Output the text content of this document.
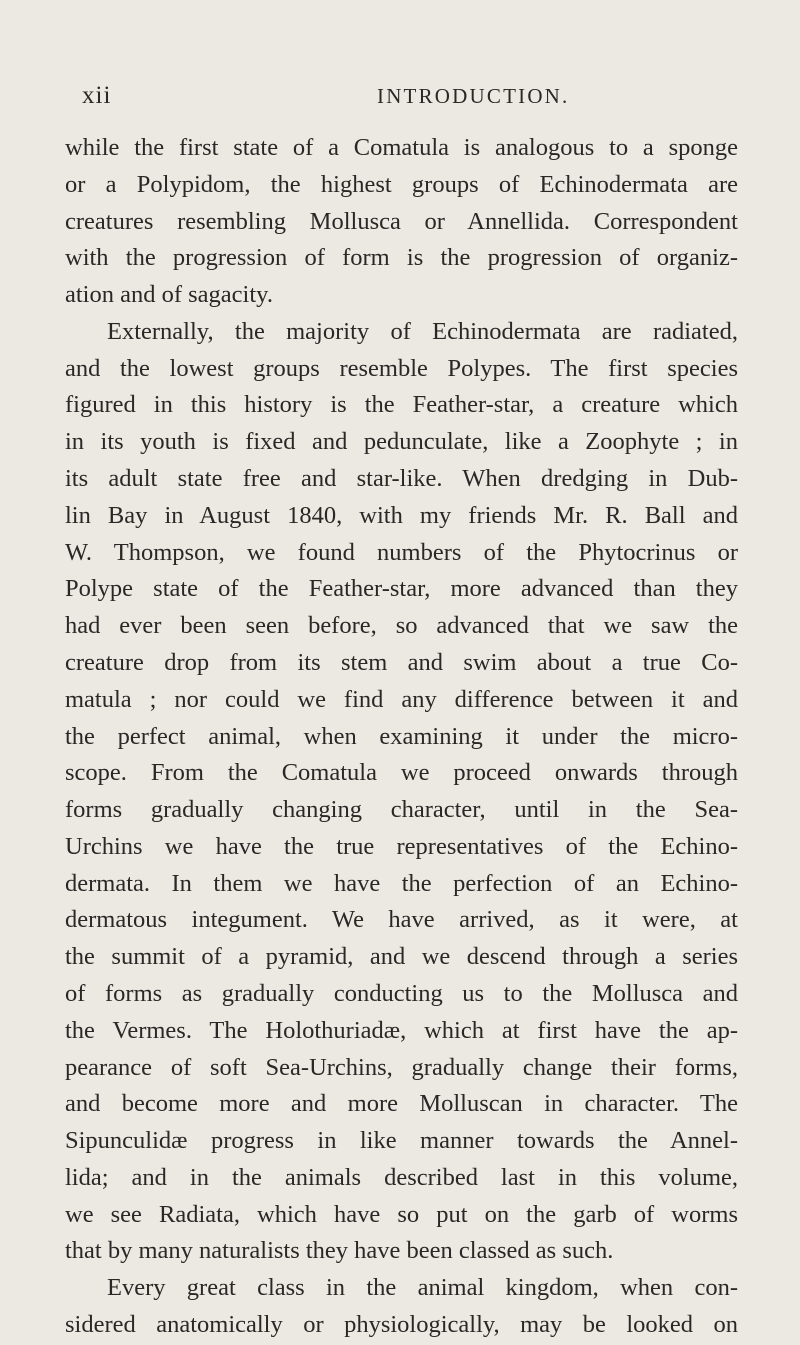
xii	INTRODUCTION.
while the first state of a Comatula is analogous to a sponge
or a Polypidom, the highest groups of Echinodermata are
creatures resembling Mollusca or Annellida. Correspondent
with the progression of form is the progression of organiz-
ation and of sagacity.
Externally, the majority of Echinodermata are radiated,
and the lowest groups resemble Polypes. The first species
figured in this history is the Feather-star, a creature which
in its youth is fixed and pedunculate, like a Zoophyte ; in
its adult state free and star-like. When dredging in Dub-
lin Bay in August 1840, with my friends Mr. R. Ball and
W. Thompson, we found numbers of the Phytocrinus or
Polype state of the Feather-star, more advanced than they
had ever been seen before, so advanced that we saw the
creature drop from its stem and swim about a true Co-
matula ; nor could we find any difference between it and
the perfect animal, when examining it under the micro-
scope. From the Comatula we proceed onwards through
forms gradually changing character, until in the Sea-
Urchins we have the true representatives of the Echino-
dermata. In them we have the perfection of an Echino-
dermatous integument. We have arrived, as it were, at
the summit of a pyramid, and we descend through a series
of forms as gradually conducting us to the Mollusca and
the Vermes. The Holothuriadæ, which at first have the ap-
pearance of soft Sea-Urchins, gradually change their forms,
and become more and more Molluscan in character. The
Sipunculidæ progress in like manner towards the Annel-
lida; and in the animals described last in this volume,
we see Radiata, which have so put on the garb of worms
that by many naturalists they have been classed as such.
Every great class in the animal kingdom, when con-
sidered anatomically or physiologically, may be looked on
